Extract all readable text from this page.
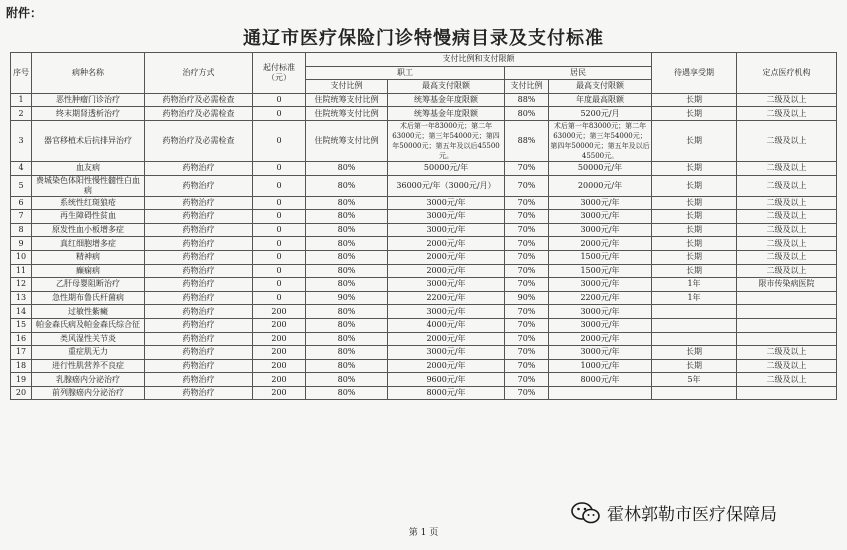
附件：
通辽市医疗保险门诊特慢病目录及支付标准
序号	病种名称	治疗方式	起付标准（元）	支付比例和支付限额				待遇享受期	定点医疗机构
				职工		居民			
				支付比例	最高支付限额	支付比例	最高支付限额		
1	恶性肿瘤门诊治疗	药物治疗及必需检查	0	住院统筹支付比例	统筹基金年度限额	88%	年度最高限额	长期	二级及以上
2	终末期肾透析治疗	药物治疗及必需检查	0	住院统筹支付比例	统筹基金年度限额	80%	5200元/月	长期	二级及以上
3	器官移植术后抗排异治疗	药物治疗及必需检查	0	住院统筹支付比例	术后第一年83000元；第二年63000元；第三年54000元；第四年50000元；第五年及以后45500元。	88%	术后第一年83000元；第二年63000元；第三年54000元；第四年50000元；第五年及以后45500元。	长期	二级及以上
4	血友病	药物治疗	0	80%	50000元/年	70%	50000元/年	长期	二级及以上
5	费城染色体阳性慢性髓性白血病	药物治疗	0	80%	36000元/年（3000元/月）	70%	20000元/年	长期	二级及以上
6	系统性红斑狼疮	药物治疗	0	80%	3000元/年	70%	3000元/年	长期	二级及以上
7	再生障碍性贫血	药物治疗	0	80%	3000元/年	70%	3000元/年	长期	二级及以上
8	原发性血小板增多症	药物治疗	0	80%	3000元/年	70%	3000元/年	长期	二级及以上
9	真红细胞增多症	药物治疗	0	80%	2000元/年	70%	2000元/年	长期	二级及以上
10	精神病	药物治疗	0	80%	2000元/年	70%	1500元/年	长期	二级及以上
11	癫痫病	药物治疗	0	80%	2000元/年	70%	1500元/年	长期	二级及以上
12	乙肝母婴阻断治疗	药物治疗	0	80%	3000元/年	70%	3000元/年	1年	限市传染病医院
13	急性期布鲁氏杆菌病	药物治疗	0	90%	2200元/年	90%	2200元/年	1年	
14	过敏性紫癜	药物治疗	200	80%	3000元/年	70%	3000元/年		
15	帕金森氏病及帕金森氏综合征	药物治疗	200	80%	4000元/年	70%	3000元/年		
16	类风湿性关节炎	药物治疗	200	80%	2000元/年	70%	2000元/年		
17	重症肌无力	药物治疗	200	80%	3000元/年	70%	3000元/年	长期	二级及以上
18	进行性肌营养不良症	药物治疗	200	80%	2000元/年	70%	1000元/年	长期	二级及以上
19	乳腺癌内分泌治疗	药物治疗	200	80%	9600元/年	70%	8000元/年	5年	二级及以上
20	前列腺癌内分泌治疗	药物治疗	200	80%	8000元/年	70%			
霍林郭勒市医疗保障局
第 1 页
